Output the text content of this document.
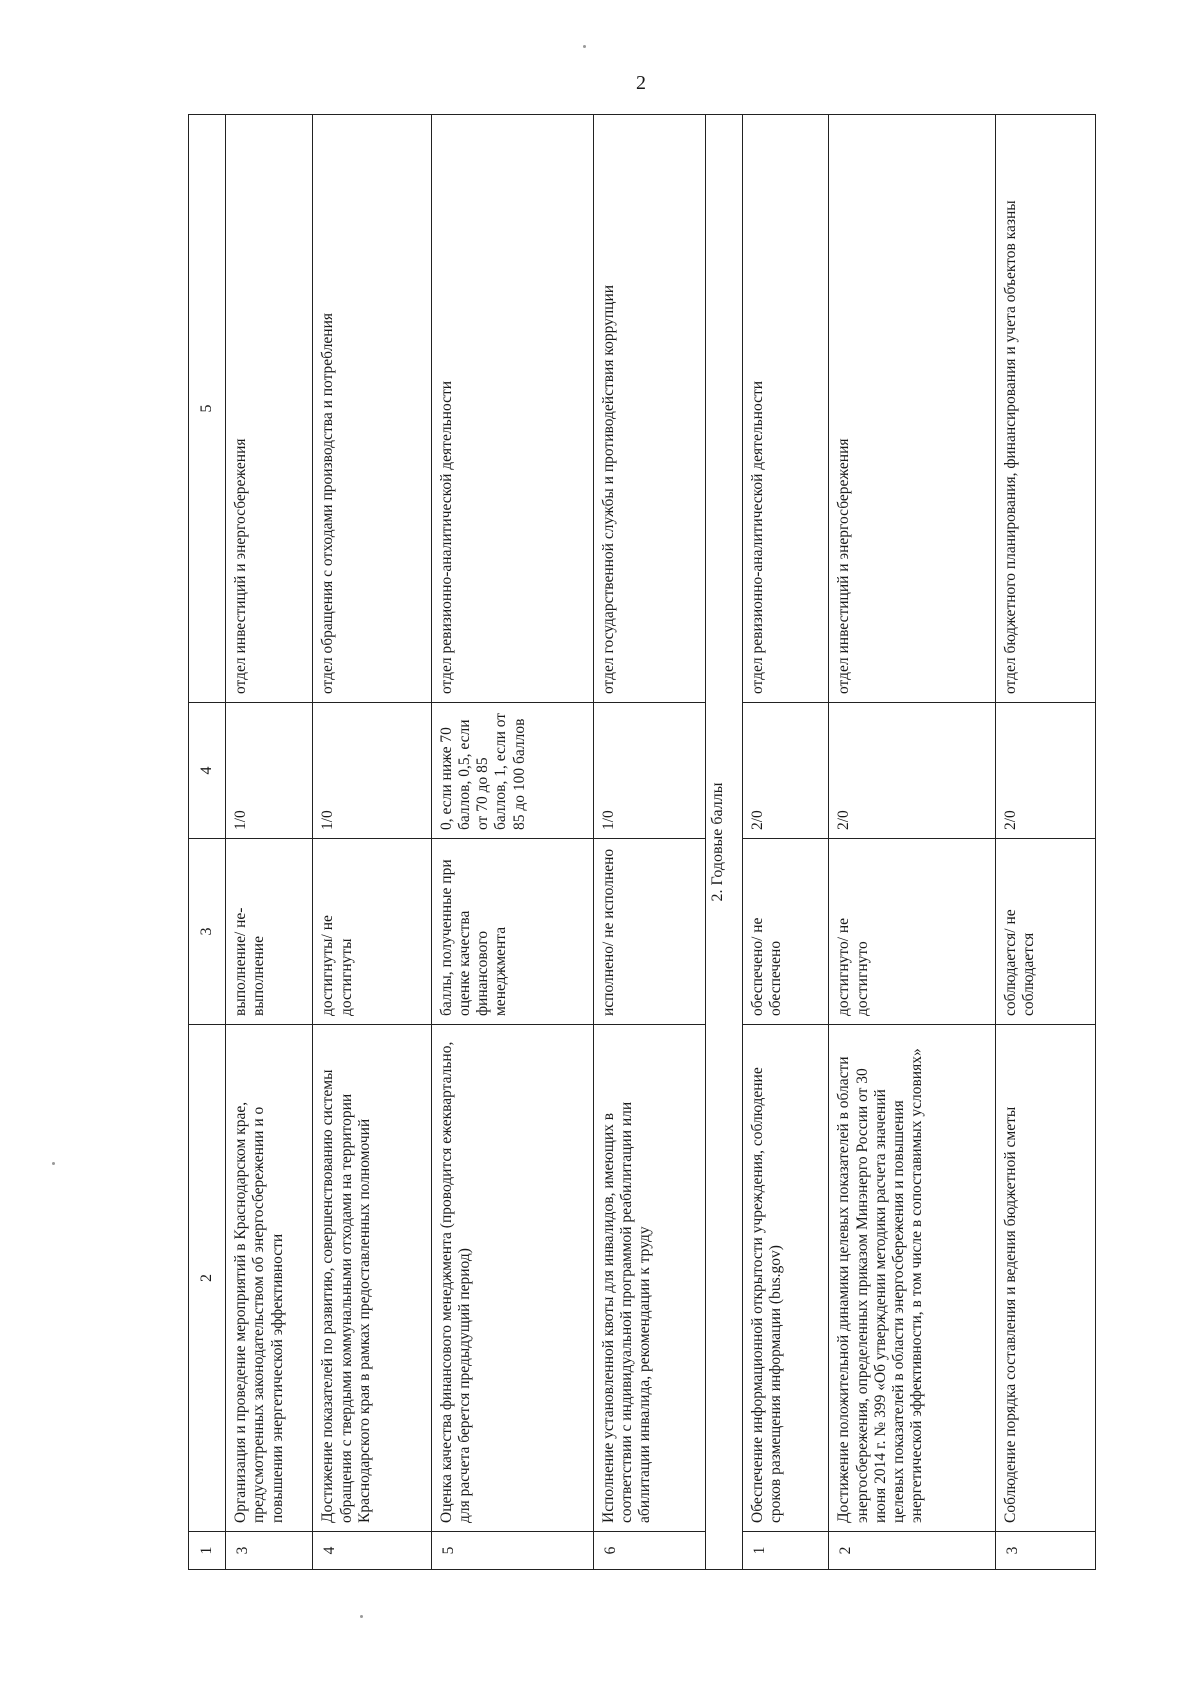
2
1	2	3	4	5
3	Организация и проведение мероприятий в Краснодарском крае, предусмотренных законодательством об энергосбережении и о повышении энергетической эффективности	выполнение/ не-выполнение	1/0	отдел инвестиций и энергосбережения
4	Достижение показателей по развитию, совершенствованию системы обращения с твердыми коммунальными отходами на территории Краснодарского края в рамках предоставленных полномочий	достигнуты/ не достигнуты	1/0	отдел обращения с отходами производства и потребления
5	Оценка качества финансового менеджмента (проводится ежеквартально, для расчета берется предыдущий период)	баллы, полученные при оценке качества финансового менеджмента	0, если ниже 70 баллов, 0,5, если от 70 до 85 баллов, 1, если от 85 до 100 баллов	отдел ревизионно-аналитической деятельности
6	Исполнение установленной квоты для инвалидов, имеющих в соответствии с индивидуальной программой реабилитации или абилитации инвалида, рекомендации к труду	исполнено/ не исполнено	1/0	отдел государственной службы и противодействия коррупции
2. Годовые баллы				
1	Обеспечение информационной открытости учреждения, соблюдение сроков размещения информации (bus.gov)	обеспечено/ не обеспечено	2/0	отдел ревизионно-аналитической деятельности
2	Достижение положительной динамики целевых показателей в области энергосбережения, определенных приказом Минэнерго России от 30 июня 2014 г. № 399 «Об утверждении методики расчета значений целевых показателей в области энергосбережения и повышения энергетической эффективности, в том числе в сопоставимых условиях»	достигнуто/ не достигнуто	2/0	отдел инвестиций и энергосбережения
3	Соблюдение порядка составления и ведения бюджетной сметы	соблюдается/ не соблюдается	2/0	отдел бюджетного планирования, финансирования и учета объектов казны
